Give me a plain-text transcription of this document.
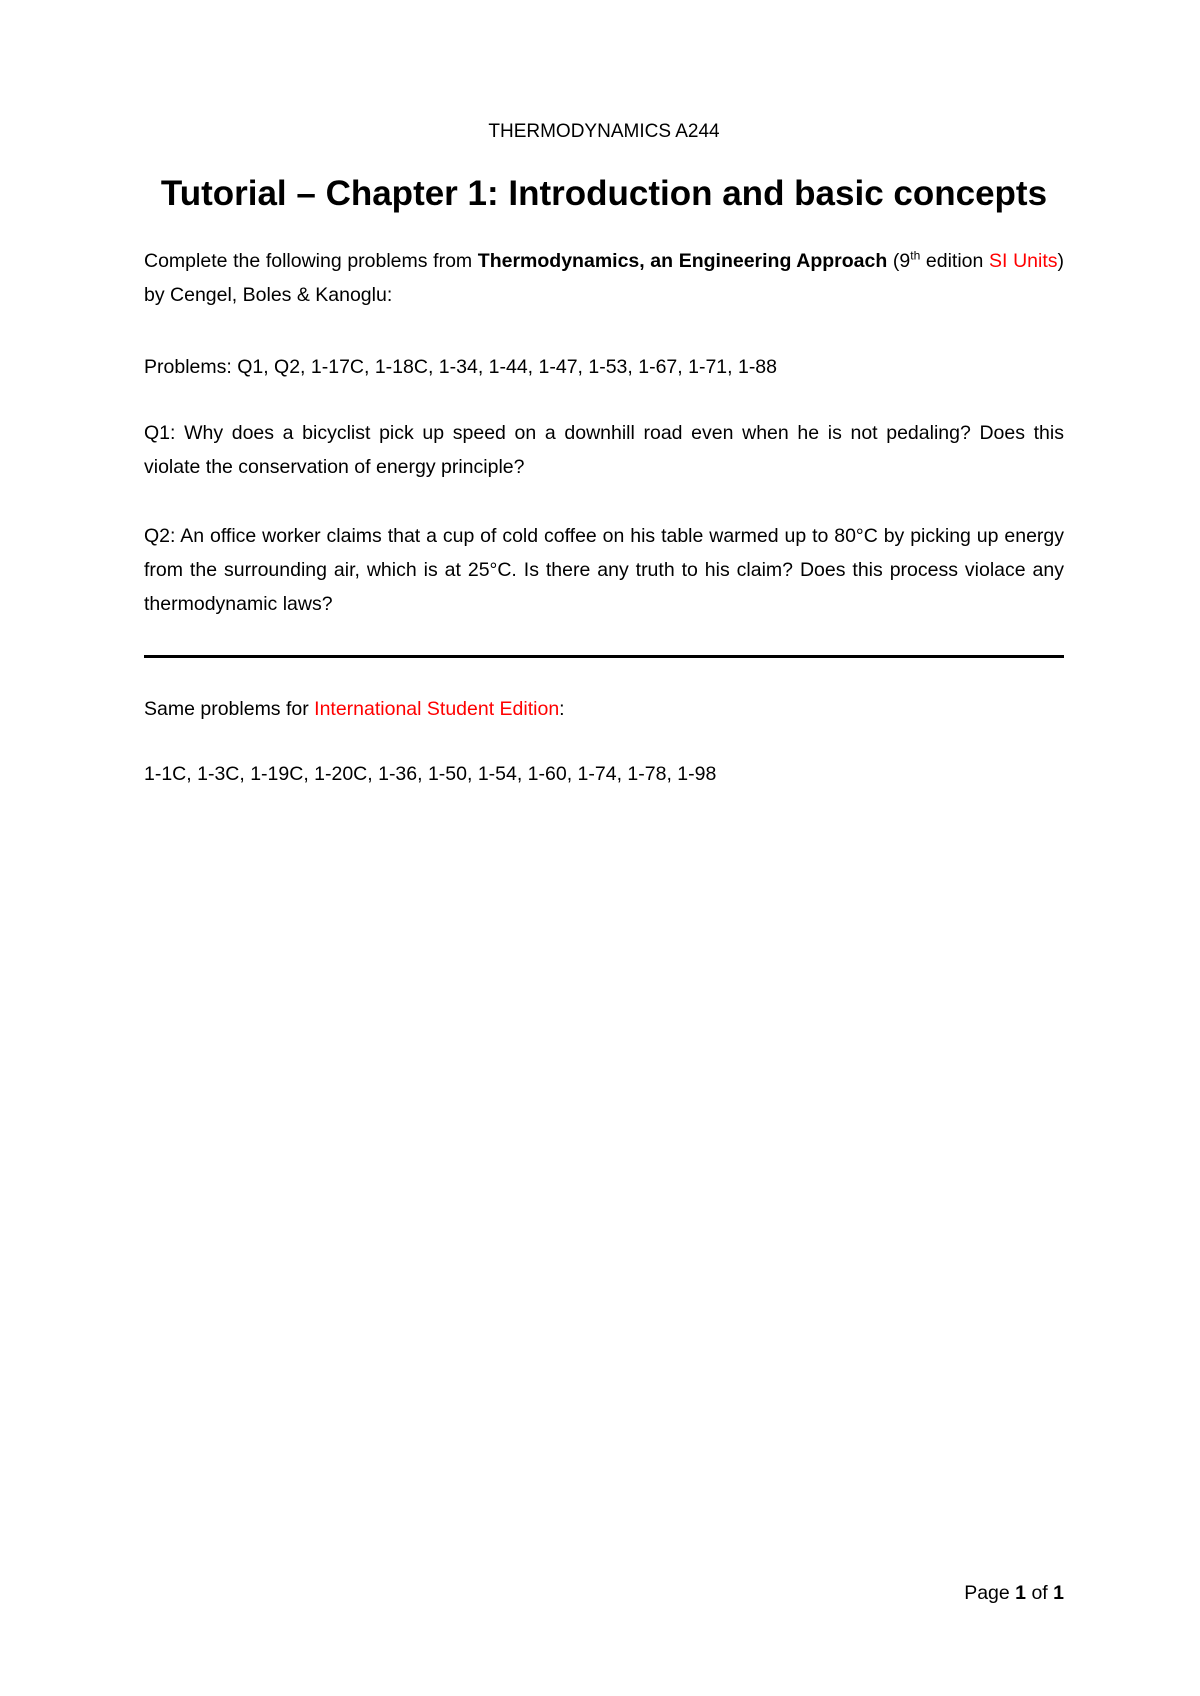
THERMODYNAMICS A244
Tutorial – Chapter 1: Introduction and basic concepts
Complete the following problems from Thermodynamics, an Engineering Approach (9th edition SI Units) by Cengel, Boles & Kanoglu:
Problems: Q1, Q2, 1-17C, 1-18C, 1-34, 1-44, 1-47, 1-53, 1-67, 1-71, 1-88
Q1: Why does a bicyclist pick up speed on a downhill road even when he is not pedaling? Does this violate the conservation of energy principle?
Q2: An office worker claims that a cup of cold coffee on his table warmed up to 80°C by picking up energy from the surrounding air, which is at 25°C. Is there any truth to his claim? Does this process violace any thermodynamic laws?
Same problems for International Student Edition:
1-1C, 1-3C, 1-19C, 1-20C, 1-36, 1-50, 1-54, 1-60, 1-74, 1-78, 1-98
Page 1 of 1
